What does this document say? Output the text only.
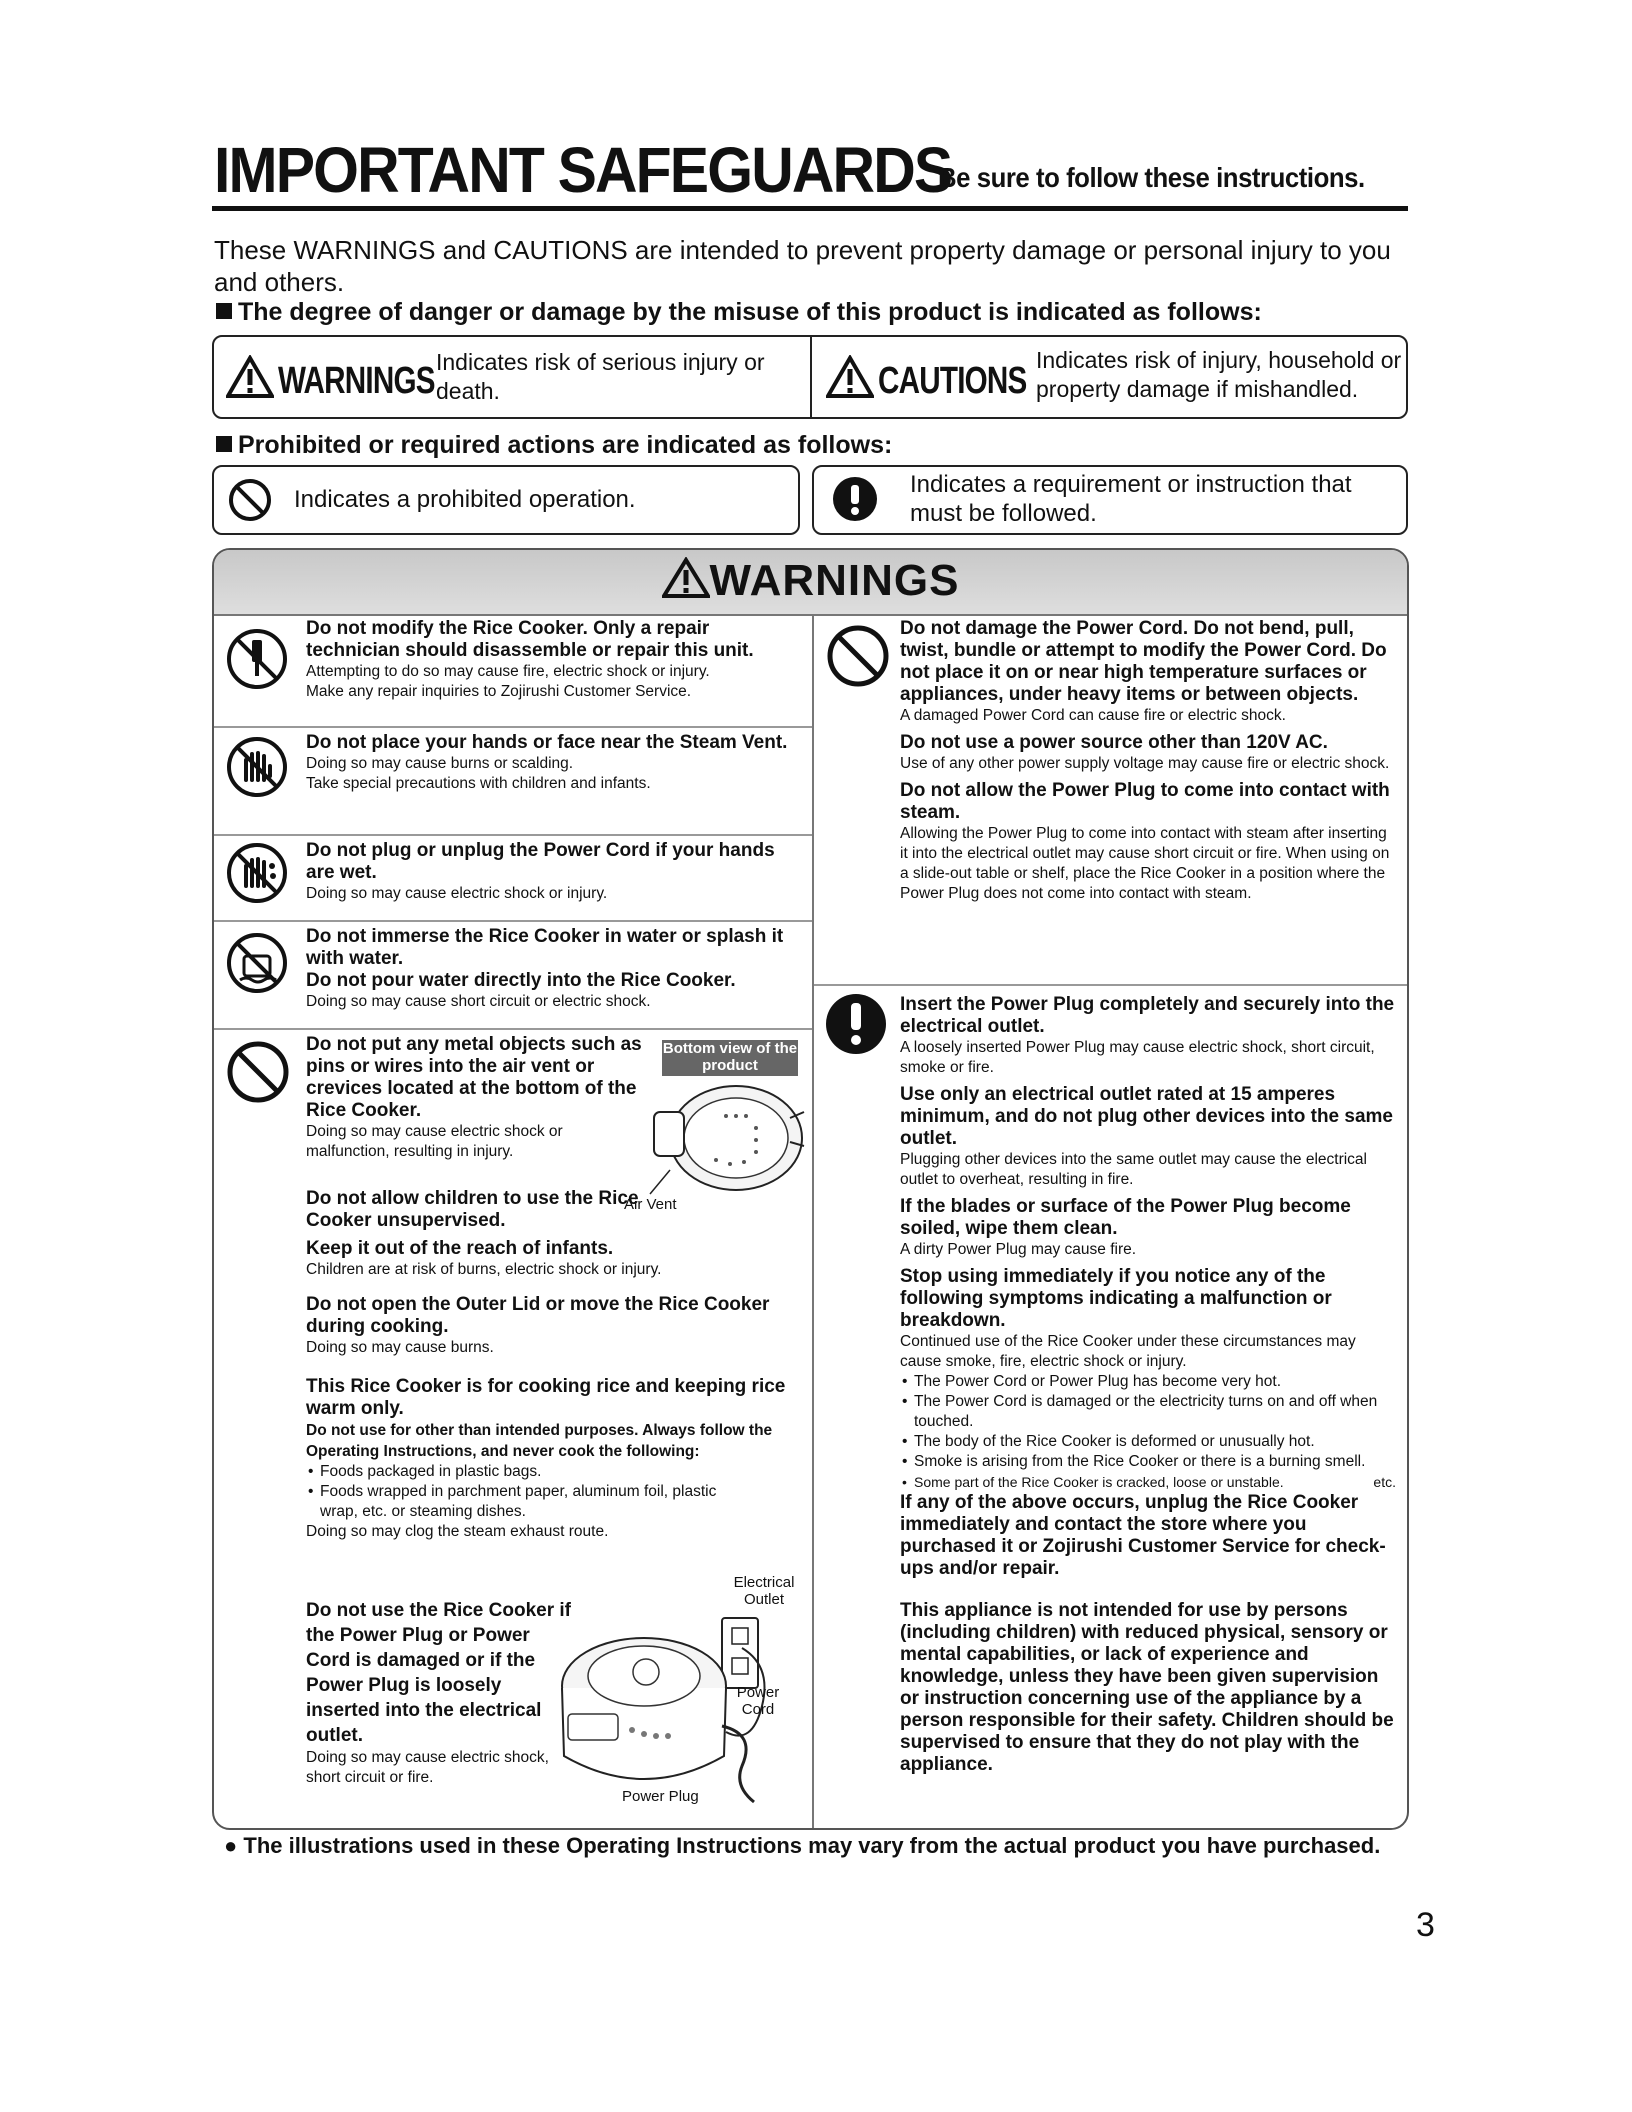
IMPORTANT SAFEGUARDS
Be sure to follow these instructions.
These WARNINGS and CAUTIONS are intended to prevent property damage or personal injury to you and others.
The degree of danger or damage by the misuse of this product is indicated as follows:
WARNINGS Indicates risk of serious injury or death.	CAUTIONS Indicates risk of injury, household or property damage if mishandled.
Prohibited or required actions are indicated as follows:
Indicates a prohibited operation.
Indicates a requirement or instruction that must be followed.
WARNINGS
Do not modify the Rice Cooker. Only a repair technician should disassemble or repair this unit.
Attempting to do so may cause fire, electric shock or injury.
Make any repair inquiries to Zojirushi Customer Service.
Do not place your hands or face near the Steam Vent.
Doing so may cause burns or scalding.
Take special precautions with children and infants.
Do not plug or unplug the Power Cord if your hands are wet.
Doing so may cause electric shock or injury.
Do not immerse the Rice Cooker in water or splash it with water.
Do not pour water directly into the Rice Cooker.
Doing so may cause short circuit or electric shock.
Do not put any metal objects such as pins or wires into the air vent or crevices located at the bottom of the Rice Cooker.
Doing so may cause electric shock or malfunction, resulting in injury.
Bottom view of the product
Air Vent
Do not allow children to use the Rice Cooker unsupervised.
Keep it out of the reach of infants.
Children are at risk of burns, electric shock or injury.
Do not open the Outer Lid or move the Rice Cooker during cooking.
Doing so may cause burns.
This Rice Cooker is for cooking rice and keeping rice warm only.
Do not use for other than intended purposes. Always follow the Operating Instructions, and never cook the following:
• Foods packaged in plastic bags.
• Foods wrapped in parchment paper, aluminum foil, plastic wrap, etc. or steaming dishes.
Doing so may clog the steam exhaust route.
Do not use the Rice Cooker if the Power Plug or Power Cord is damaged or if the Power Plug is loosely inserted into the electrical outlet.
Doing so may cause electric shock, short circuit or fire.
Electrical Outlet
Power Cord
Power Plug
Do not damage the Power Cord. Do not bend, pull, twist, bundle or attempt to modify the Power Cord. Do not place it on or near high temperature surfaces or appliances, under heavy items or between objects.
A damaged Power Cord can cause fire or electric shock.
Do not use a power source other than 120V AC.
Use of any other power supply voltage may cause fire or electric shock.
Do not allow the Power Plug to come into contact with steam.
Allowing the Power Plug to come into contact with steam after inserting it into the electrical outlet may cause short circuit or fire. When using on a slide-out table or shelf, place the Rice Cooker in a position where the Power Plug does not come into contact with steam.
Insert the Power Plug completely and securely into the electrical outlet.
A loosely inserted Power Plug may cause electric shock, short circuit, smoke or fire.
Use only an electrical outlet rated at 15 amperes minimum, and do not plug other devices into the same outlet.
Plugging other devices into the same outlet may cause the electrical outlet to overheat, resulting in fire.
If the blades or surface of the Power Plug become soiled, wipe them clean.
A dirty Power Plug may cause fire.
Stop using immediately if you notice any of the following symptoms indicating a malfunction or breakdown.
Continued use of the Rice Cooker under these circumstances may cause smoke, fire, electric shock or injury.
• The Power Cord or Power Plug has become very hot.
• The Power Cord is damaged or the electricity turns on and off when touched.
• The body of the Rice Cooker is deformed or unusually hot.
• Smoke is arising from the Rice Cooker or there is a burning smell.
• Some part of the Rice Cooker is cracked, loose or unstable.	etc.
If any of the above occurs, unplug the Rice Cooker immediately and contact the store where you purchased it or Zojirushi Customer Service for check-ups and/or repair.
This appliance is not intended for use by persons (including children) with reduced physical, sensory or mental capabilities, or lack of experience and knowledge, unless they have been given supervision or instruction concerning use of the appliance by a person responsible for their safety. Children should be supervised to ensure that they do not play with the appliance.
● The illustrations used in these Operating Instructions may vary from the actual product you have purchased.
3
